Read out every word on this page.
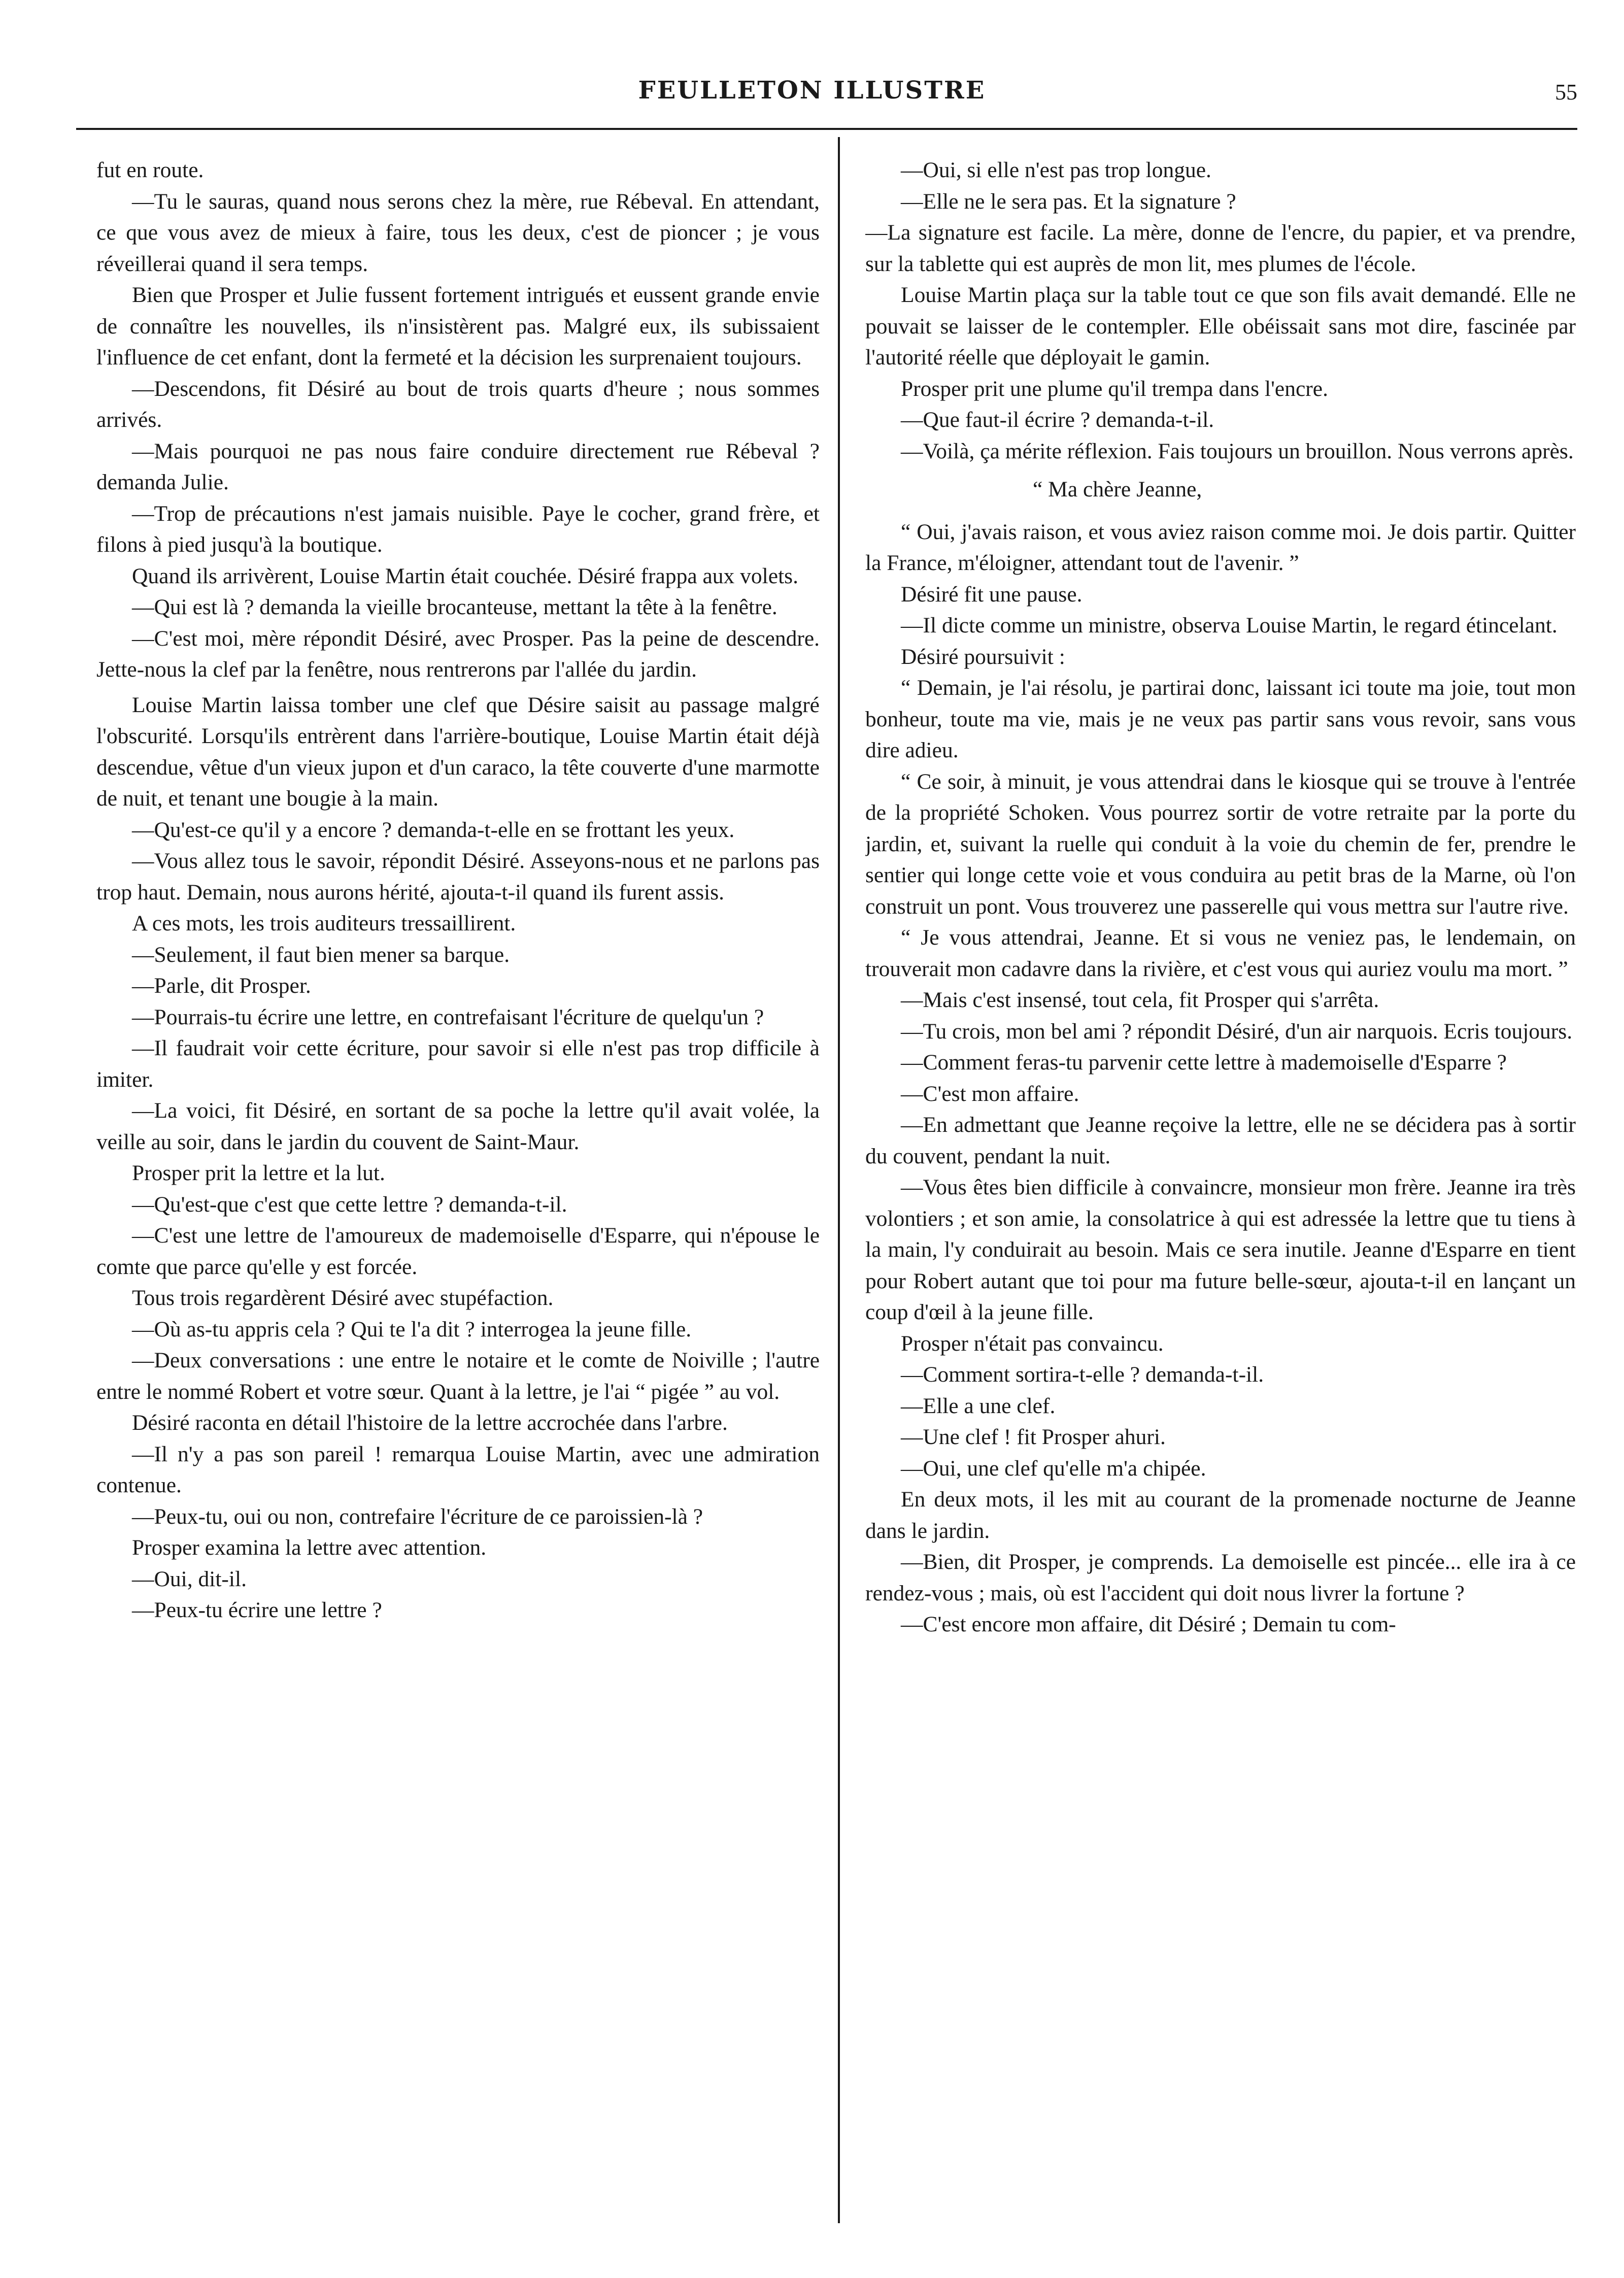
FEULLETON ILLUSTRE	55

fut en route.

—Tu le sauras, quand nous serons chez la mère, rue Rébeval. En attendant, ce que vous avez de mieux à faire, tous les deux, c'est de pioncer ; je vous réveillerai quand il sera temps.

Bien que Prosper et Julie fussent fortement intrigués et eussent grande envie de connaître les nouvelles, ils n'insistèrent pas. Malgré eux, ils subissaient l'influence de cet enfant, dont la fermeté et la décision les surprenaient toujours.

—Descendons, fit Désiré au bout de trois quarts d'heure ; nous sommes arrivés.

—Mais pourquoi ne pas nous faire conduire directement rue Rébeval ? demanda Julie.

—Trop de précautions n'est jamais nuisible. Paye le cocher, grand frère, et filons à pied jusqu'à la boutique.

Quand ils arrivèrent, Louise Martin était couchée. Désiré frappa aux volets.

—Qui est là ? demanda la vieille brocanteuse, mettant la tête à la fenêtre.

—C'est moi, mère répondit Désiré, avec Prosper. Pas la peine de descendre. Jette-nous la clef par la fenêtre, nous rentrerons par l'allée du jardin.

Louise Martin laissa tomber une clef que Désire saisit au passage malgré l'obscurité. Lorsqu'ils entrèrent dans l'arrière-boutique, Louise Martin était déjà descendue, vêtue d'un vieux jupon et d'un caraco, la tête couverte d'une marmotte de nuit, et tenant une bougie à la main.

—Qu'est-ce qu'il y a encore ? demanda-t-elle en se frottant les yeux.

—Vous allez tous le savoir, répondit Désiré. Asseyons-nous et ne parlons pas trop haut. Demain, nous aurons hérité, ajouta-t-il quand ils furent assis.

A ces mots, les trois auditeurs tressaillirent.

—Seulement, il faut bien mener sa barque.

—Parle, dit Prosper.

—Pourrais-tu écrire une lettre, en contrefaisant l'écriture de quelqu'un ?

—Il faudrait voir cette écriture, pour savoir si elle n'est pas trop difficile à imiter.

—La voici, fit Désiré, en sortant de sa poche la lettre qu'il avait volée, la veille au soir, dans le jardin du couvent de Saint-Maur.

Prosper prit la lettre et la lut.

—Qu'est-que c'est que cette lettre ? demanda-t-il.

—C'est une lettre de l'amoureux de mademoiselle d'Esparre, qui n'épouse le comte que parce qu'elle y est forcée.

Tous trois regardèrent Désiré avec stupéfaction.

—Où as-tu appris cela ? Qui te l'a dit ? interrogea la jeune fille.

—Deux conversations : une entre le notaire et le comte de Noiville ; l'autre entre le nommé Robert et votre sœur. Quant à la lettre, je l'ai “ pigée ” au vol.

Désiré raconta en détail l'histoire de la lettre accrochée dans l'arbre.

—Il n'y a pas son pareil ! remarqua Louise Martin, avec une admiration contenue.

—Peux-tu, oui ou non, contrefaire l'écriture de ce paroissien-là ?

Prosper examina la lettre avec attention.

—Oui, dit-il.

—Peux-tu écrire une lettre ?

—Oui, si elle n'est pas trop longue.

—Elle ne le sera pas. Et la signature ?

—La signature est facile. La mère, donne de l'encre, du papier, et va prendre, sur la tablette qui est auprès de mon lit, mes plumes de l'école.

Louise Martin plaça sur la table tout ce que son fils avait demandé. Elle ne pouvait se laisser de le contempler. Elle obéissait sans mot dire, fascinée par l'autorité réelle que déployait le gamin.

Prosper prit une plume qu'il trempa dans l'encre.

—Que faut-il écrire ? demanda-t-il.

—Voilà, ça mérite réflexion. Fais toujours un brouillon. Nous verrons après.

“ Ma chère Jeanne,

“ Oui, j'avais raison, et vous aviez raison comme moi. Je dois partir. Quitter la France, m'éloigner, attendant tout de l'avenir. ”

Désiré fit une pause.

—Il dicte comme un ministre, observa Louise Martin, le regard étincelant.

Désiré poursuivit :

“ Demain, je l'ai résolu, je partirai donc, laissant ici toute ma joie, tout mon bonheur, toute ma vie, mais je ne veux pas partir sans vous revoir, sans vous dire adieu.

“ Ce soir, à minuit, je vous attendrai dans le kiosque qui se trouve à l'entrée de la propriété Schoken. Vous pourrez sortir de votre retraite par la porte du jardin, et, suivant la ruelle qui conduit à la voie du chemin de fer, prendre le sentier qui longe cette voie et vous conduira au petit bras de la Marne, où l'on construit un pont. Vous trouverez une passerelle qui vous mettra sur l'autre rive.

“ Je vous attendrai, Jeanne. Et si vous ne veniez pas, le lendemain, on trouverait mon cadavre dans la rivière, et c'est vous qui auriez voulu ma mort. ”

—Mais c'est insensé, tout cela, fit Prosper qui s'arrêta.

—Tu crois, mon bel ami ? répondit Désiré, d'un air narquois. Ecris toujours.

—Comment feras-tu parvenir cette lettre à mademoiselle d'Esparre ?

—C'est mon affaire.

—En admettant que Jeanne reçoive la lettre, elle ne se décidera pas à sortir du couvent, pendant la nuit.

—Vous êtes bien difficile à convaincre, monsieur mon frère. Jeanne ira très volontiers ; et son amie, la consolatrice à qui est adressée la lettre que tu tiens à la main, l'y conduirait au besoin. Mais ce sera inutile. Jeanne d'Esparre en tient pour Robert autant que toi pour ma future belle-sœur, ajouta-t-il en lançant un coup d'œil à la jeune fille.

Prosper n'était pas convaincu.

—Comment sortira-t-elle ? demanda-t-il.

—Elle a une clef.

—Une clef ! fit Prosper ahuri.

—Oui, une clef qu'elle m'a chipée.

En deux mots, il les mit au courant de la promenade nocturne de Jeanne dans le jardin.

—Bien, dit Prosper, je comprends. La demoiselle est pincée... elle ira à ce rendez-vous ; mais, où est l'accident qui doit nous livrer la fortune ?

—C'est encore mon affaire, dit Désiré ; Demain tu com-
